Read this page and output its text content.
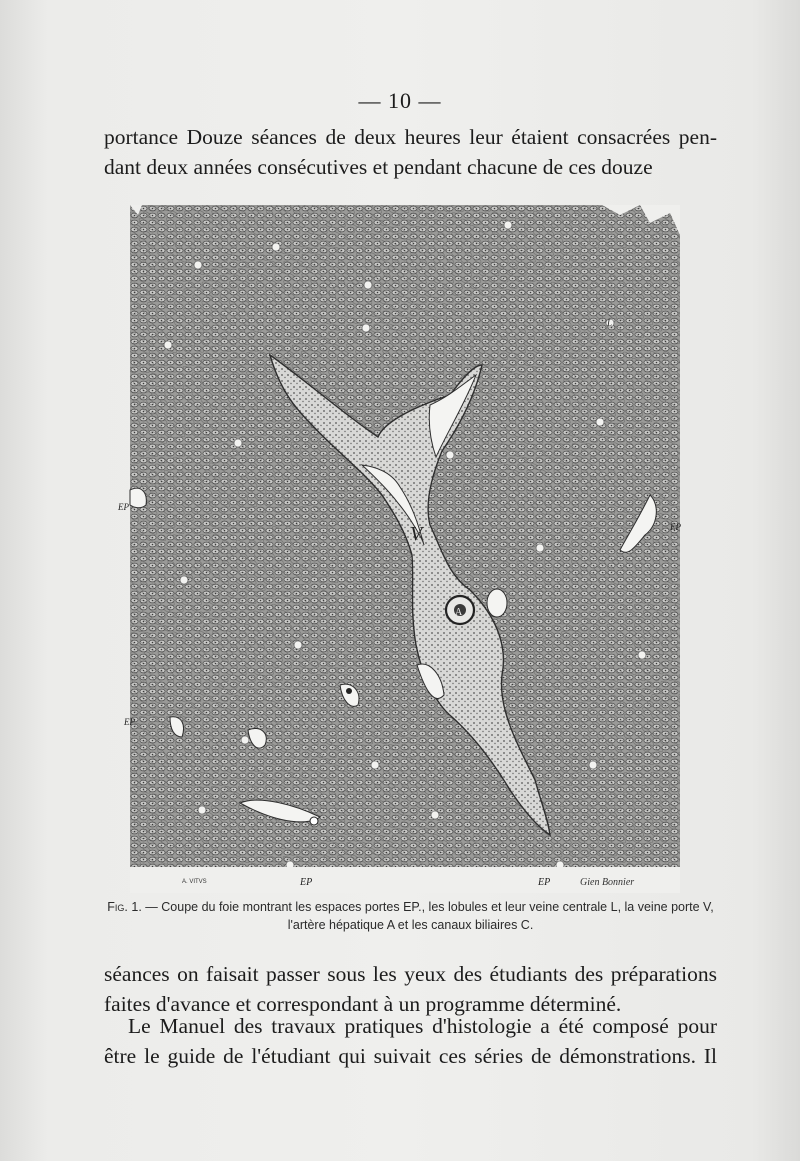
— 10 —

portance Douze séances de deux heures leur étaient consacrées pen-
dant deux années consécutives et pendant chacune de ces douze

V
A
EP
EP
EP
L
EP	EP
A. VITVS	Gien Bonnier
Fig. 1. — Coupe du foie montrant les espaces portes EP., les lobules et leur veine centrale L, la veine porte V, l'artère hépatique A et les canaux biliaires C.

séances on faisait passer sous les yeux des étudiants des préparations
faites d'avance et correspondant à un programme déterminé.

Le Manuel des travaux pratiques d'histologie a été composé pour
être le guide de l'étudiant qui suivait ces séries de démonstrations. Il
